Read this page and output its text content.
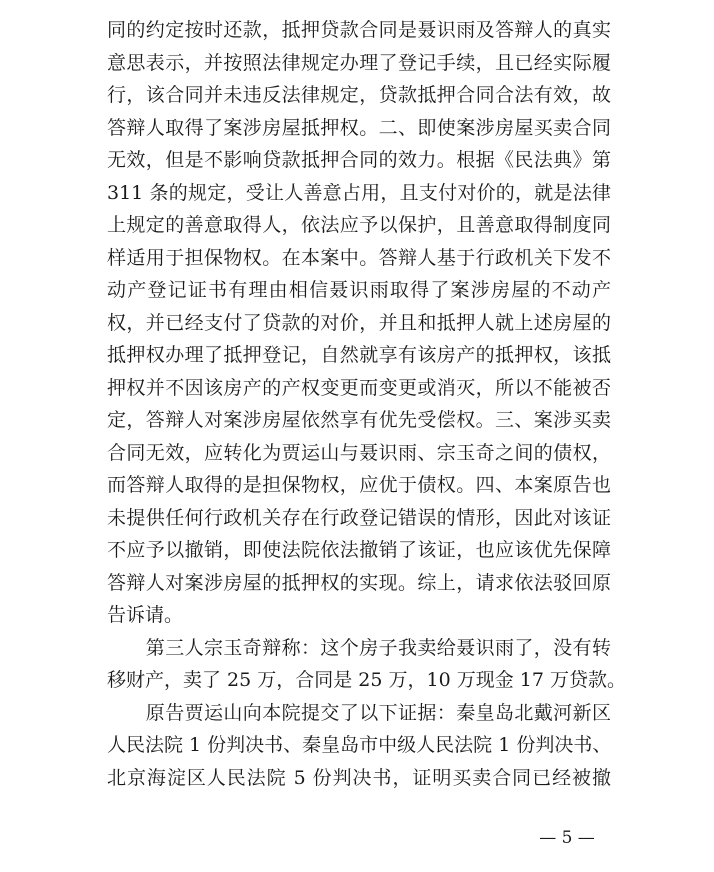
同的约定按时还款，抵押贷款合同是聂识雨及答辩人的真实
意思表示，并按照法律规定办理了登记手续，且已经实际履
行，该合同并未违反法律规定，贷款抵押合同合法有效，故
答辩人取得了案涉房屋抵押权。二、即使案涉房屋买卖合同
无效，但是不影响贷款抵押合同的效力。根据《民法典》第
311 条的规定，受让人善意占用，且支付对价的，就是法律
上规定的善意取得人，依法应予以保护，且善意取得制度同
样适用于担保物权。在本案中。答辩人基于行政机关下发不
动产登记证书有理由相信聂识雨取得了案涉房屋的不动产
权，并已经支付了贷款的对价，并且和抵押人就上述房屋的
抵押权办理了抵押登记，自然就享有该房产的抵押权，该抵
押权并不因该房产的产权变更而变更或消灭，所以不能被否
定，答辩人对案涉房屋依然享有优先受偿权。三、案涉买卖
合同无效，应转化为贾运山与聂识雨、宗玉奇之间的债权，
而答辩人取得的是担保物权，应优于债权。四、本案原告也
未提供任何行政机关存在行政登记错误的情形，因此对该证
不应予以撤销，即使法院依法撤销了该证，也应该优先保障
答辩人对案涉房屋的抵押权的实现。综上，请求依法驳回原
告诉请。
　　第三人宗玉奇辩称：这个房子我卖给聂识雨了，没有转
移财产，卖了 25 万，合同是 25 万，10 万现金 17 万贷款。
　　原告贾运山向本院提交了以下证据：秦皇岛北戴河新区
人民法院 1 份判决书、秦皇岛市中级人民法院 1 份判决书、
北京海淀区人民法院 5 份判决书，证明买卖合同已经被撤
— 5 —
